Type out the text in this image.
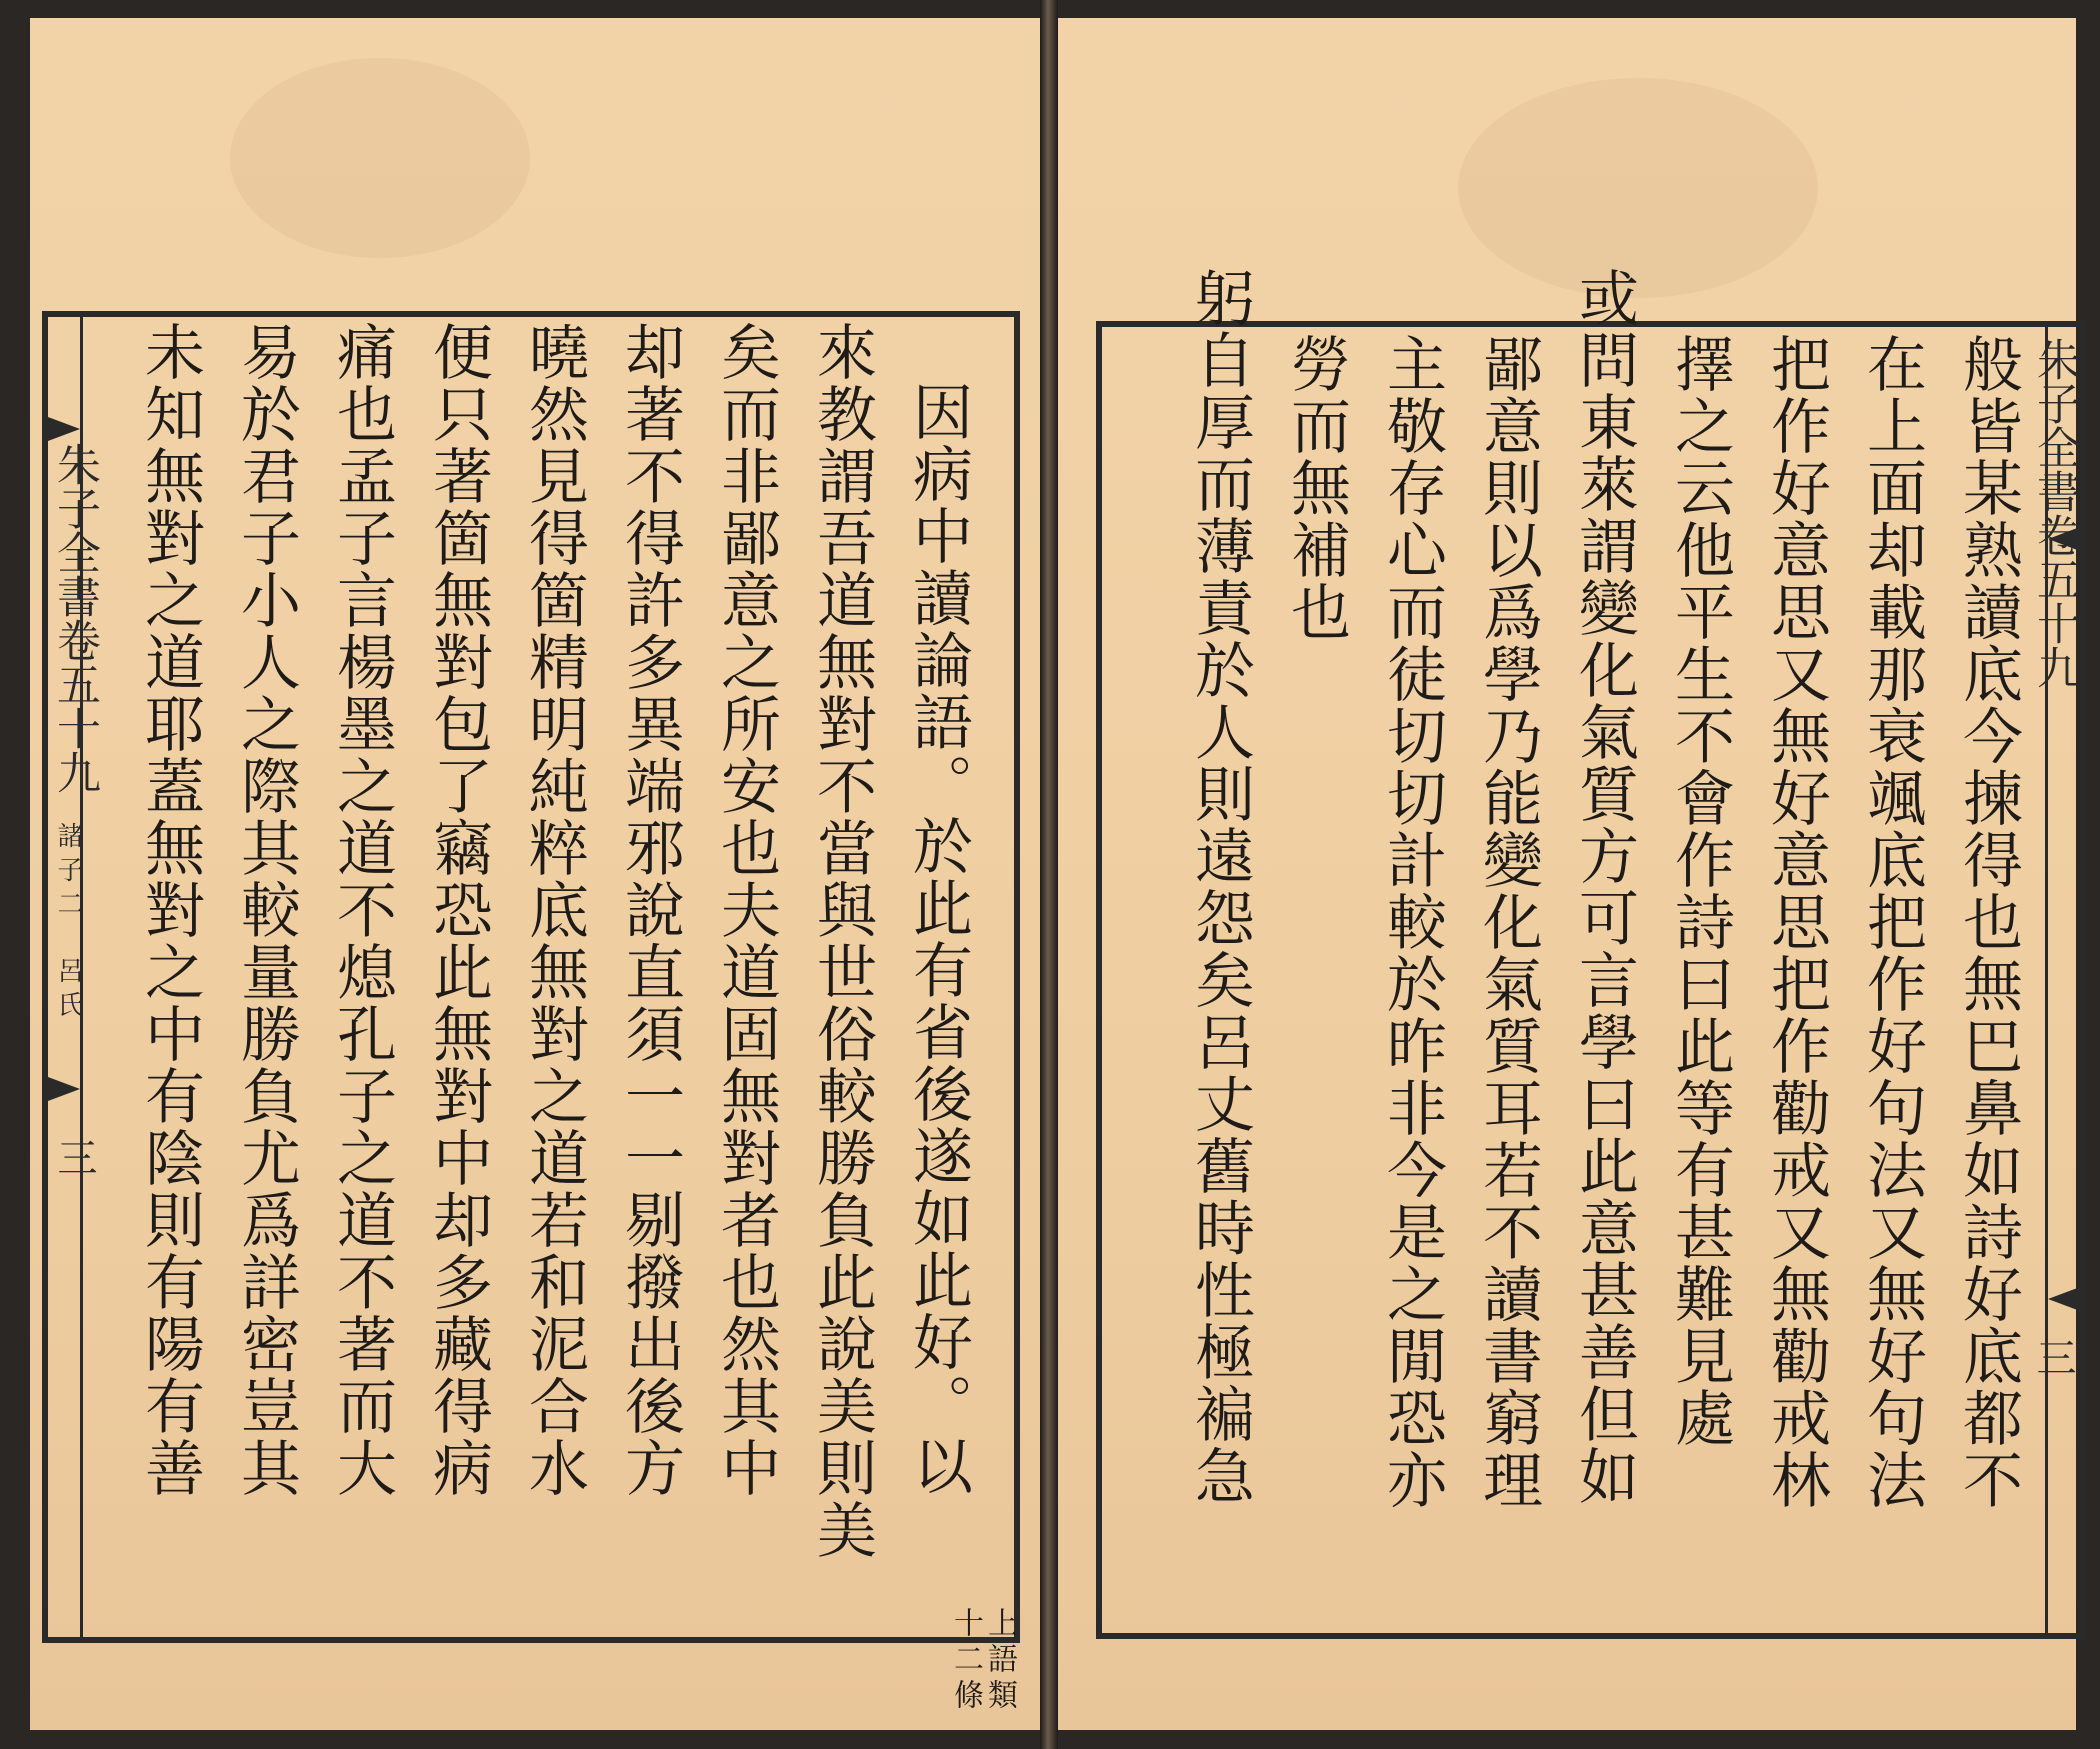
朱子全書卷五十九
諸子二
呂氏
三	因病中讀論語。於此有省後遂如此好。以
上語類
十二條
來教謂吾道無對不當與世俗較勝負此說美則美
矣而非鄙意之所安也夫道固無對者也然其中
却著不得許多異端邪說直須一一剔撥出後方
曉然見得箇精明純粹底無對之道若和泥合水
便只著箇無對包了竊恐此無對中却多藏得病
痛也孟子言楊墨之道不熄孔子之道不著而大
易於君子小人之際其較量勝負尤爲詳密豈其
未知無對之道耶蓋無對之中有陰則有陽有善	朱子全書卷五十九
三
般皆某熟讀底今揀得也無巴鼻如詩好底都不
在上面却載那衰颯底把作好句法又無好句法
把作好意思又無好意思把作勸戒又無勸戒林
擇之云他平生不會作詩曰此等有甚難見處
或問東萊謂變化氣質方可言學曰此意甚善但如
鄙意則以爲學乃能變化氣質耳若不讀書窮理
主敬存心而徒切切計較於昨非今是之閒恐亦
勞而無補也
躬自厚而薄責於人則遠怨矣呂丈舊時性極褊急
